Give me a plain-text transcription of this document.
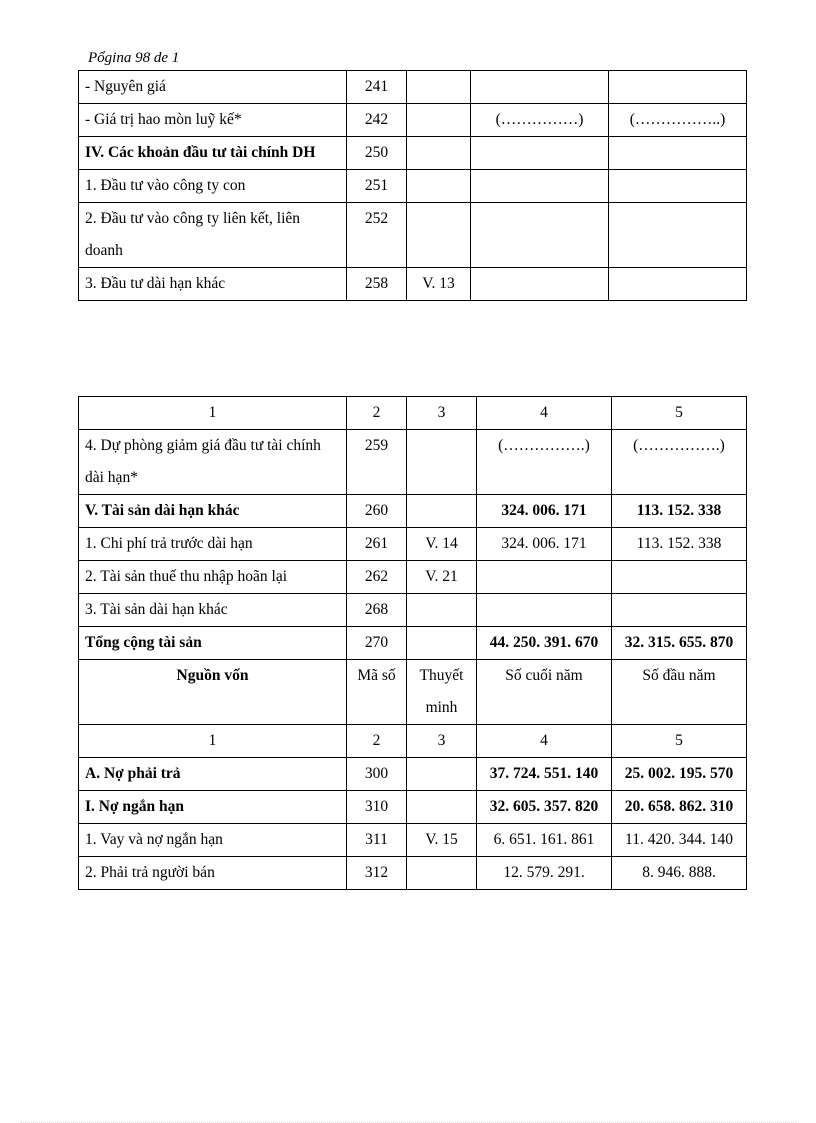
Pổgina 98 de 1
- Nguyên giá	241			
- Giá trị hao mòn luỹ kế*	242		(……………)	(……………..)
IV. Các khoản đầu tư tài chính DH	250			
1. Đầu tư vào công ty con	251			
2. Đầu tư vào công ty liên kết, liên doanh	252			
3. Đầu tư dài hạn khác	258	V. 13		
1	2	3	4	5
4. Dự phòng giảm giá đầu tư tài chính dài hạn*	259		(…………….)	(…………….)
V. Tài sản dài hạn khác	260		324. 006. 171	113. 152. 338
1. Chi phí trả trước dài hạn	261	V. 14	324. 006. 171	113. 152. 338
2. Tài sản thuế thu nhập hoãn lại	262	V. 21		
3. Tài sản dài hạn khác	268			
Tổng cộng tài sản	270		44. 250. 391. 670	32. 315. 655. 870
Nguồn vốn	Mã số	Thuyết minh	Số cuối năm	Số đầu năm
1	2	3	4	5
A. Nợ phải trả	300		37. 724. 551. 140	25. 002. 195. 570
I. Nợ ngắn hạn	310		32. 605. 357. 820	20. 658. 862. 310
1. Vay và nợ ngắn hạn	311	V. 15	6. 651. 161. 861	11. 420. 344. 140
2. Phải trả người bán	312		12. 579. 291.	8. 946. 888.
